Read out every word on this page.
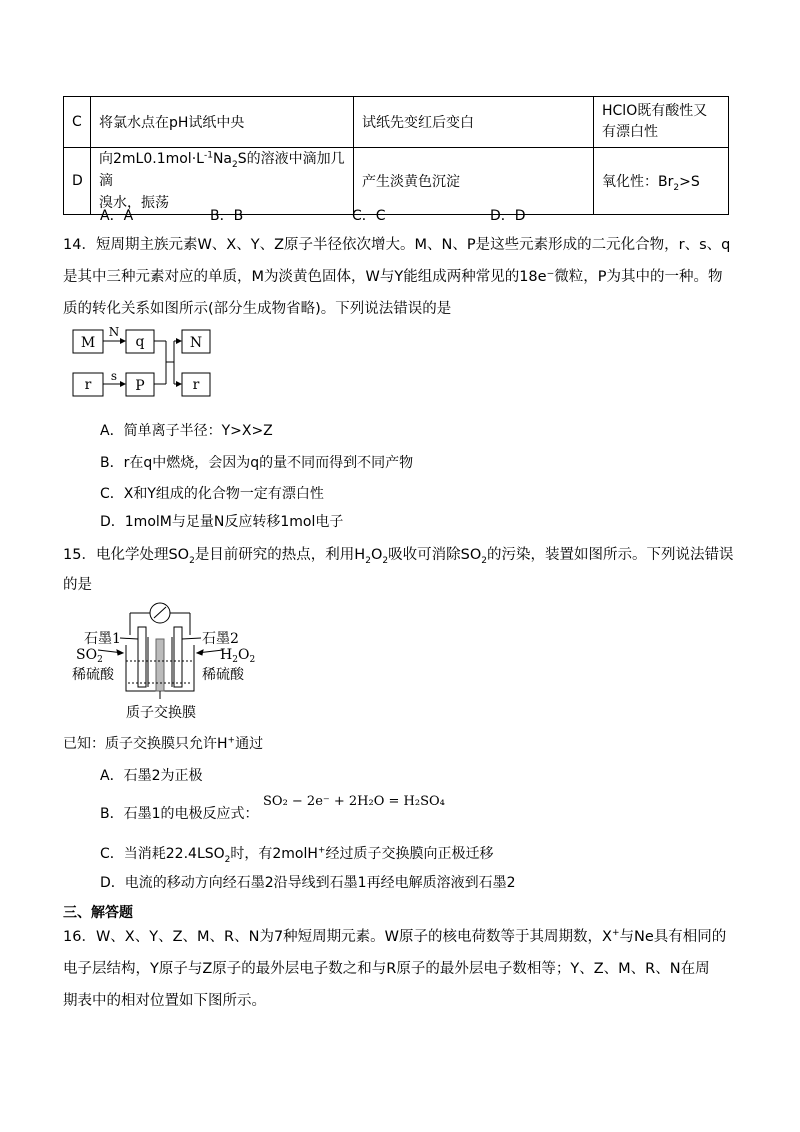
C	将氯水点在pH试纸中央	试纸先变红后变白	HClO既有酸性又
有漂白性

D	向$2mL0.1mol\cdot L^{-1}Na_2S$的溶液中滴加几滴
溴水，振荡	产生淡黄色沉淀	氧化性：$Br_2>S$
A．A	B．B	C．C	D．D
14．短周期主族元素W、X、Y、Z原子半径依次增大。M、N、P是这些元素形成的二元化合物，r、s、q
是其中三种元素对应的单质，M为淡黄色固体，W与Y能组成两种常见的18e⁻微粒，P为其中的一种。物
质的转化关系如图所示(部分生成物省略)。下列说法错误的是
M
N
q	N
r
s
P	r
A．简单离子半径：Y>X>Z
B．r在q中燃烧，会因为q的量不同而得到不同产物
C．X和Y组成的化合物一定有漂白性
D．1molM与足量N反应转移1mol电子
15．电化学处理$SO_2$是目前研究的热点，利用$H_2O_2$吸收可消除$SO_2$的污染，装置如图所示。下列说法错误
的是
石墨1	石墨2
$SO_2$	$H_2O_2$
稀硫酸	稀硫酸
质子交换膜
已知：质子交换膜只允许H+通过
A．石墨2为正极
B．石墨1的电极反应式：
SO₂ − 2e⁻ + 2H₂O = H₂SO₄
C．当消耗$22.4LSO_2$时，有2molH+经过质子交换膜向正极迁移
D．电流的移动方向经石墨2沿导线到石墨1再经电解质溶液到石墨2
三、解答题
16．W、X、Y、Z、M、R、N为7种短周期元素。W原子的核电荷数等于其周期数，X+与Ne具有相同的
电子层结构，Y原子与Z原子的最外层电子数之和与R原子的最外层电子数相等；Y、Z、M、R、N在周
期表中的相对位置如下图所示。
